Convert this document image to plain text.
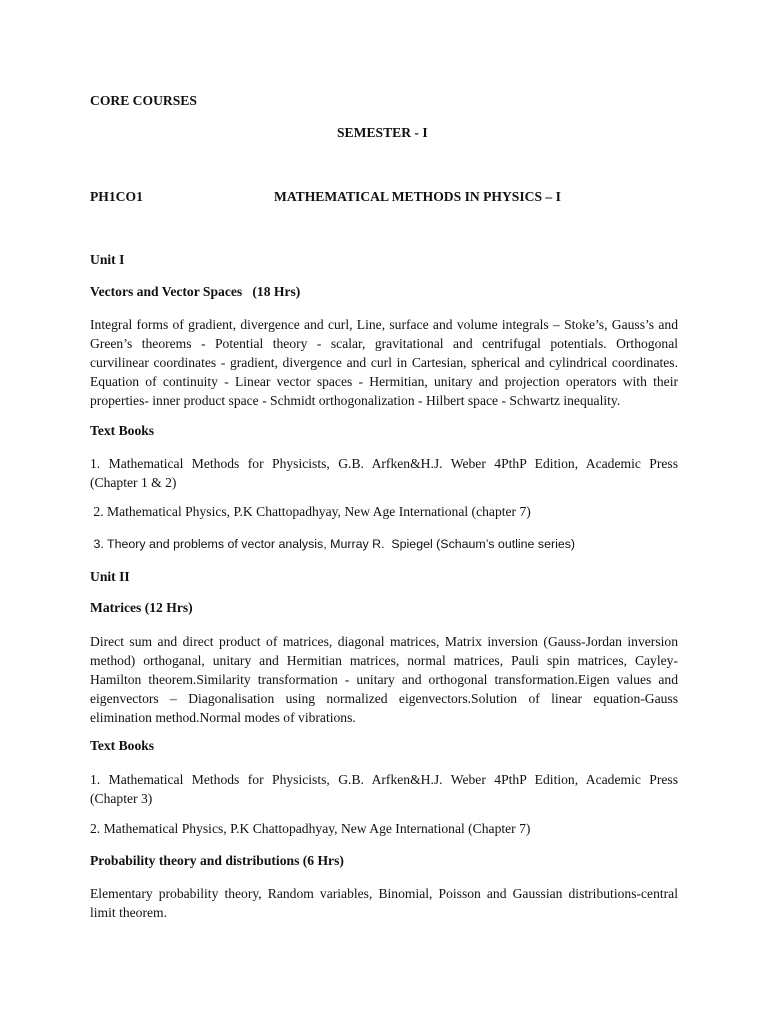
CORE COURSES
SEMESTER - I
PH1CO1	MATHEMATICAL METHODS IN PHYSICS – I
Unit I
Vectors and Vector Spaces   (18 Hrs)
Integral forms of gradient, divergence and curl, Line, surface and volume integrals – Stoke’s, Gauss’s and
Green’s theorems - Potential theory - scalar, gravitational and centrifugal potentials. Orthogonal
curvilinear coordinates - gradient, divergence and curl in Cartesian, spherical and cylindrical coordinates.
Equation of continuity - Linear vector spaces - Hermitian, unitary and projection operators with their
properties- inner product space - Schmidt orthogonalization - Hilbert space - Schwartz inequality.
Text Books
1. Mathematical Methods for Physicists, G.B. Arfken&H.J. Weber 4PthP Edition, Academic Press
(Chapter 1 & 2)
2. Mathematical Physics, P.K Chattopadhyay, New Age International (chapter 7)
3. Theory and problems of vector analysis, Murray R.  Spiegel (Schaum’s outline series)
Unit II
Matrices (12 Hrs)
Direct sum and direct product of matrices, diagonal matrices, Matrix inversion (Gauss-Jordan inversion
method) orthoganal, unitary and Hermitian matrices, normal matrices, Pauli spin matrices, Cayley-
Hamilton theorem.Similarity transformation - unitary and orthogonal transformation.Eigen values and
eigenvectors – Diagonalisation using normalized eigenvectors.Solution of linear equation-Gauss
elimination method.Normal modes of vibrations.
Text Books
1. Mathematical Methods for Physicists, G.B. Arfken&H.J. Weber 4PthP Edition, Academic Press
(Chapter 3)
2. Mathematical Physics, P.K Chattopadhyay, New Age International (Chapter 7)
Probability theory and distributions (6 Hrs)
Elementary probability theory, Random variables, Binomial, Poisson and Gaussian distributions-central
limit theorem.
